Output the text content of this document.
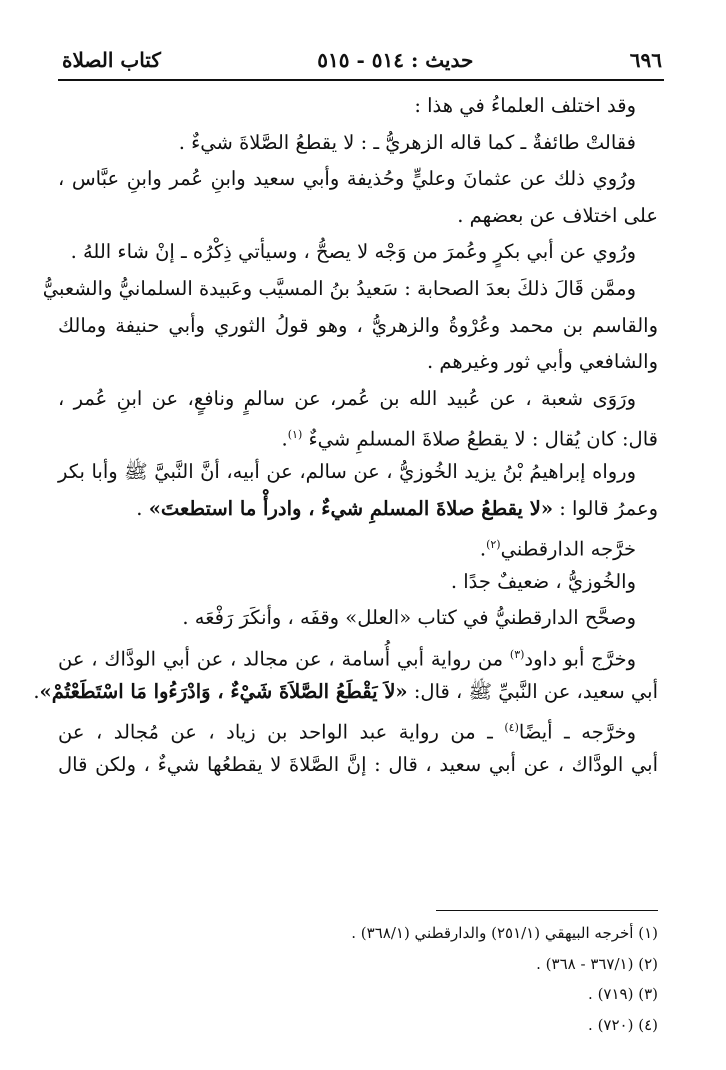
٦٩٦
حديث : ٥١٤ - ٥١٥
كتاب الصلاة
وقد اختلف العلماءُ في هذا :
فقالتْ طائفةٌ ـ كما قاله الزهريُّ ـ : لا يقطعُ الصَّلاةَ شيءٌ .
ورُوي ذلك عن عثمانَ وعليٍّ وحُذيفة وأبي سعيد وابنِ عُمر وابنِ عبَّاس ،
على اختلاف عن بعضهم .
ورُوي عن أبي بكرٍ وعُمرَ من وَجْه لا يصحُّ ، وسيأتي ذِكْرُه ـ إنْ شاء اللهُ .
وممَّن قَالَ ذلكَ بعدَ الصحابة : سَعيدُ بنُ المسيَّب وعَبيدة السلمانيُّ والشعبيُّ
والقاسم بن محمد وعُرْوةُ والزهريُّ ، وهو قولُ الثوري وأبي حنيفة ومالك
والشافعي وأبي ثور وغيرهم .
ورَوَى شعبة ، عن عُبيد الله بن عُمر، عن سالمٍ ونافعٍ، عن ابنِ عُمر ،
قال: كان يُقال : لا يقطعُ صلاةَ المسلمِ شيءٌ $^{(١)}$.
ورواه إبراهيمُ بْنُ يزيد الخُوزيُّ ، عن سالم، عن أبيه، أنَّ النَّبيَّ ﷺ وأبا بكر
وعمرُ قالوا : «لا يقطعُ صلاةَ المسلمِ شيءٌ ، وادرأْ ما استطعتَ» .
خرَّجه الدارقطني$^{(٢)}$.
والخُوزيُّ ، ضعيفٌ جدًا .
وصحَّح الدارقطنيُّ في كتاب «العلل» وقفَه ، وأنكَرَ رَفْعَه .
وخرَّج أبو داود$^{(٣)}$ من رواية أبي أُسامة ، عن مجالد ، عن أبي الودَّاك ، عن
أبي سعيد، عن النَّبيِّ ﷺ ، قال: «لاَ يَقْطَعُ الصَّلاَةَ شَيْءٌ ، وَادْرَءُوا مَا اسْتَطَعْتُمْ».
وخرَّجه ـ أيضًا$^{(٤)}$ ـ من رواية عبد الواحد بن زياد ، عن مُجالد ، عن
أبي الودَّاك ، عن أبي سعيد ، قال : إنَّ الصَّلاةَ لا يقطعُها شيءٌ ، ولكن قال
(١) أخرجه البيهقي (٢٥١/١) والدارقطني (٣٦٨/١) .
(٢) (٣٦٧/١ - ٣٦٨) .
(٣) (٧١٩) .
(٤) (٧٢٠) .
